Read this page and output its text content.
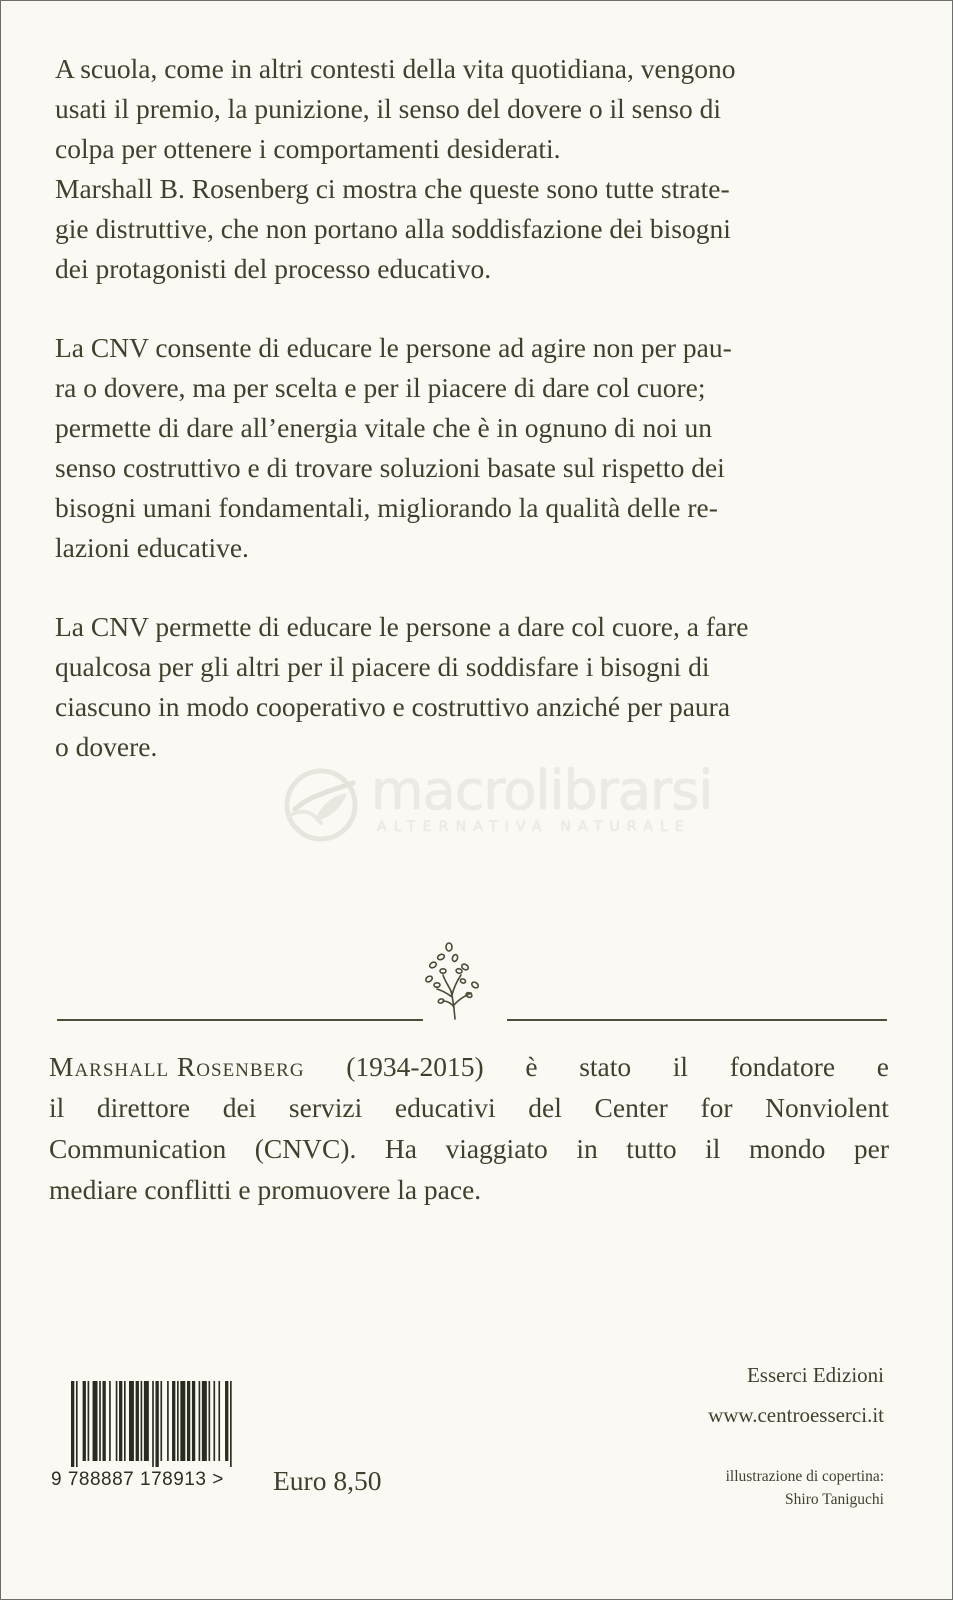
A scuola, come in altri contesti della vita quotidiana, vengono
usati il premio, la punizione, il senso del dovere o il senso di
colpa per ottenere i comportamenti desiderati.
Marshall B. Rosenberg ci mostra che queste sono tutte strate-
gie distruttive, che non portano alla soddisfazione dei bisogni
dei protagonisti del processo educativo.

La CNV consente di educare le persone ad agire non per pau-
ra o dovere, ma per scelta e per il piacere di dare col cuore;
permette di dare all’energia vitale che è in ognuno di noi un
senso costruttivo e di trovare soluzioni basate sul rispetto dei
bisogni umani fondamentali, migliorando la qualità delle re-
lazioni educative.

La CNV permette di educare le persone a dare col cuore, a fare
qualcosa per gli altri per il piacere di soddisfare i bisogni di
ciascuno in modo cooperativo e costruttivo anziché per paura
o dovere.

macrolibrarsi
ALTERNATIVA NATURALE
Marshall Rosenberg (1934-2015) è stato il fondatore e
il direttore dei servizi educativi del Center for Nonviolent
Communication (CNVC). Ha viaggiato in tutto il mondo per
mediare conflitti e promuovere la pace.
Esserci Edizioni
www.centroesserci.it
illustrazione di copertina:
Shiro Taniguchi
9 788887 178913 >	Euro 8,50
